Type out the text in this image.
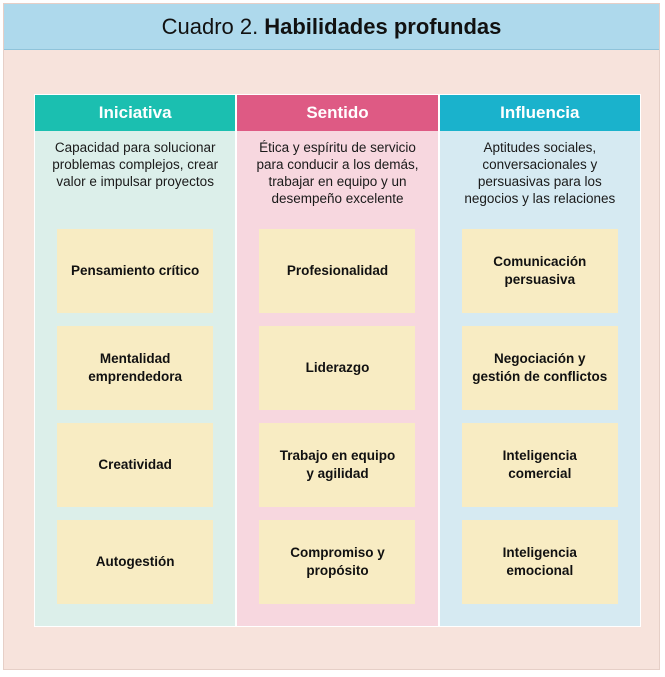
Cuadro 2. Habilidades profundas
Iniciativa
Capacidad para solucionar problemas complejos, crear valor e impulsar proyectos
Pensamiento crítico
Mentalidad
emprendedora
Creatividad
Autogestión
Sentido
Ética y espíritu de servicio para conducir a los demás, trabajar en equipo y un desempeño excelente
Profesionalidad
Liderazgo
Trabajo en equipo
y agilidad
Compromiso y
propósito
Influencia
Aptitudes sociales, conversacionales y persuasivas para los negocios y las relaciones
Comunicación
persuasiva
Negociación y
gestión de conflictos
Inteligencia
comercial
Inteligencia
emocional
